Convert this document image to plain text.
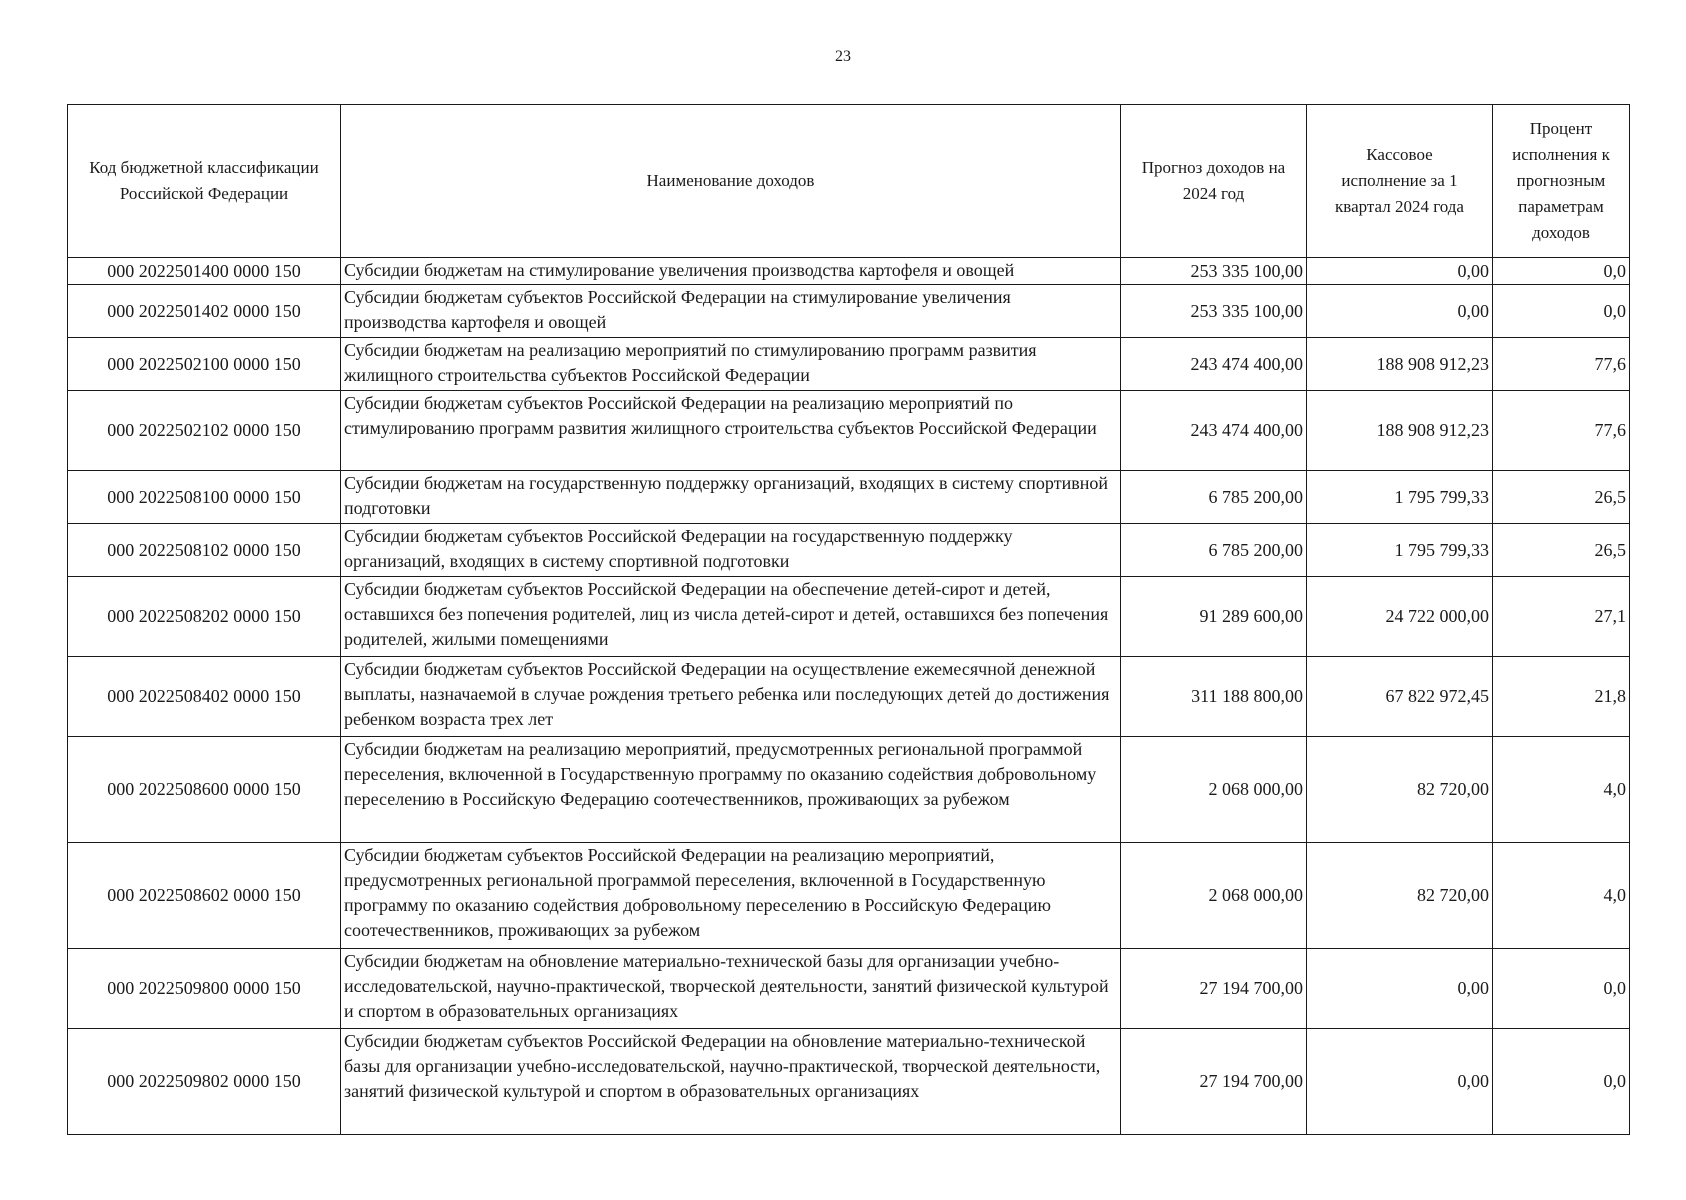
23
Код бюджетной классификации Российской Федерации	Наименование доходов	Прогноз доходов на 2024 год	Кассовое исполнение за 1 квартал 2024 года	Процент исполнения к прогнозным параметрам доходов
000 2022501400 0000 150	Субсидии бюджетам на стимулирование увеличения производства картофеля и овощей	253 335 100,00	0,00	0,0
000 2022501402 0000 150	Субсидии бюджетам субъектов Российской Федерации на стимулирование увеличения производства картофеля и овощей	253 335 100,00	0,00	0,0
000 2022502100 0000 150	Субсидии бюджетам на реализацию мероприятий по стимулированию программ развития жилищного строительства субъектов Российской Федерации	243 474 400,00	188 908 912,23	77,6
000 2022502102 0000 150	Субсидии бюджетам субъектов Российской Федерации на реализацию мероприятий по стимулированию программ развития жилищного строительства субъектов Российской Федерации	243 474 400,00	188 908 912,23	77,6
000 2022508100 0000 150	Субсидии бюджетам на государственную поддержку организаций, входящих в систему спортивной подготовки	6 785 200,00	1 795 799,33	26,5
000 2022508102 0000 150	Субсидии бюджетам субъектов Российской Федерации на государственную поддержку организаций, входящих в систему спортивной подготовки	6 785 200,00	1 795 799,33	26,5
000 2022508202 0000 150	Субсидии бюджетам субъектов Российской Федерации на обеспечение детей-сирот и детей, оставшихся без попечения родителей, лиц из числа детей-сирот и детей, оставшихся без попечения родителей, жилыми помещениями	91 289 600,00	24 722 000,00	27,1
000 2022508402 0000 150	Субсидии бюджетам субъектов Российской Федерации на осуществление ежемесячной денежной выплаты, назначаемой в случае рождения третьего ребенка или последующих детей до достижения ребенком возраста трех лет	311 188 800,00	67 822 972,45	21,8
000 2022508600 0000 150	Субсидии бюджетам на реализацию мероприятий, предусмотренных региональной программой переселения, включенной в Государственную программу по оказанию содействия добровольному переселению в Российскую Федерацию соотечественников, проживающих за рубежом	2 068 000,00	82 720,00	4,0
000 2022508602 0000 150	Субсидии бюджетам субъектов Российской Федерации на реализацию мероприятий, предусмотренных региональной программой переселения, включенной в Государственную программу по оказанию содействия добровольному переселению в Российскую Федерацию соотечественников, проживающих за рубежом	2 068 000,00	82 720,00	4,0
000 2022509800 0000 150	Субсидии бюджетам на обновление материально-технической базы для организации учебно-исследовательской, научно-практической, творческой деятельности, занятий физической культурой и спортом в образовательных организациях	27 194 700,00	0,00	0,0
000 2022509802 0000 150	Субсидии бюджетам субъектов Российской Федерации на обновление материально-технической базы для организации учебно-исследовательской, научно-практической, творческой деятельности, занятий физической культурой и спортом в образовательных организациях	27 194 700,00	0,00	0,0
